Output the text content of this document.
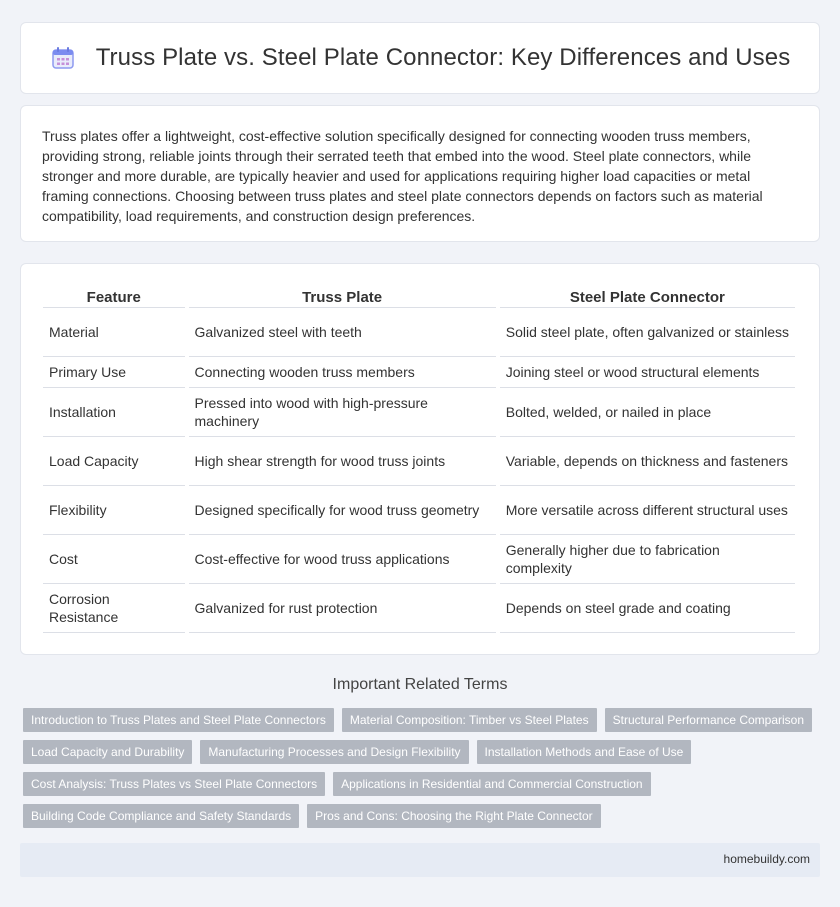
Truss Plate vs. Steel Plate Connector: Key Differences and Uses

Truss plates offer a lightweight, cost-effective solution specifically designed for connecting wooden truss members, providing strong, reliable joints through their serrated teeth that embed into the wood. Steel plate connectors, while stronger and more durable, are typically heavier and used for applications requiring higher load capacities or metal framing connections. Choosing between truss plates and steel plate connectors depends on factors such as material compatibility, load requirements, and construction design preferences.

Feature	Truss Plate	Steel Plate Connector
Material	Galvanized steel with teeth	Solid steel plate, often galvanized or stainless
Primary Use	Connecting wooden truss members	Joining steel or wood structural elements
Installation	Pressed into wood with high-pressure machinery	Bolted, welded, or nailed in place
Load Capacity	High shear strength for wood truss joints	Variable, depends on thickness and fasteners
Flexibility	Designed specifically for wood truss geometry	More versatile across different structural uses
Cost	Cost-effective for wood truss applications	Generally higher due to fabrication complexity
Corrosion Resistance	Galvanized for rust protection	Depends on steel grade and coating
Important Related Terms
Introduction to Truss Plates and Steel Plate Connectors	Material Composition: Timber vs Steel Plates	Structural Performance Comparison
Load Capacity and Durability	Manufacturing Processes and Design Flexibility	Installation Methods and Ease of Use
Cost Analysis: Truss Plates vs Steel Plate Connectors	Applications in Residential and Commercial Construction
Building Code Compliance and Safety Standards	Pros and Cons: Choosing the Right Plate Connector
homebuildy.com
